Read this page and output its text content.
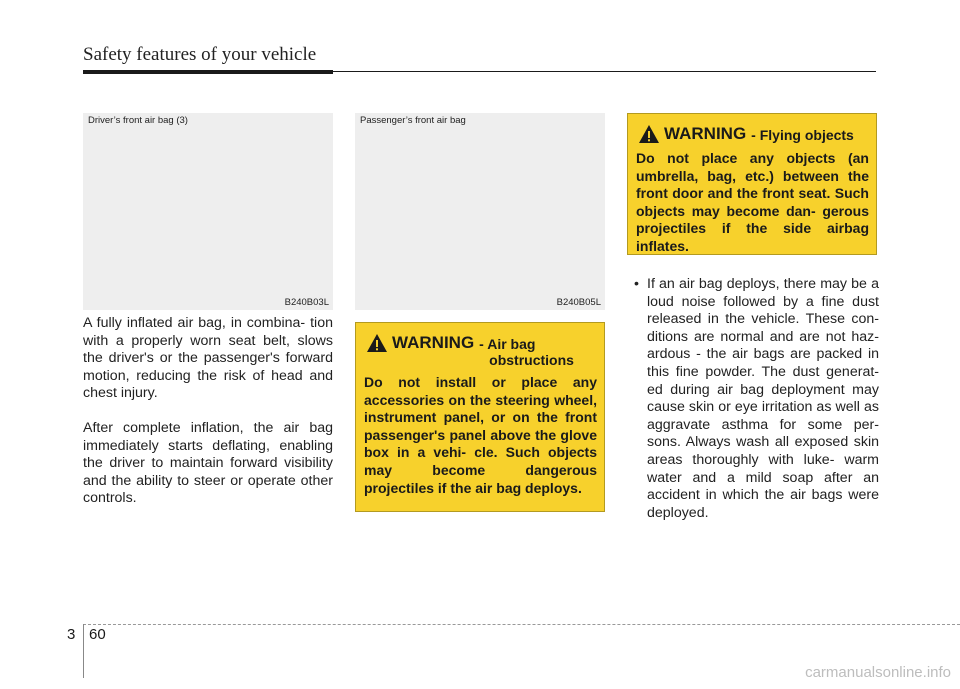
Safety features of your vehicle
Driver’s front air bag (3)
B240B03L
Passenger’s front air bag
B240B05L

A fully inflated air bag, in combina- tion with a properly worn seat belt, slows the driver's or the passenger's forward motion, reducing the risk of head and chest injury.

After complete inflation, the air bag immediately starts deflating, enabling the driver to maintain forward visibility and the ability to steer or operate other controls.

WARNING - Air bag
obstructions

Do not install or place any accessories on the steering wheel, instrument panel, or on the front passenger's panel above the glove box in a vehi- cle. Such objects may become dangerous projectiles if the air bag deploys.

WARNING - Flying objects

Do not place any objects (an umbrella, bag, etc.) between the front door and the front seat. Such objects may become dan- gerous projectiles if the side airbag inflates.

• If an air bag deploys, there may be a loud noise followed by a fine dust released in the vehicle. These con- ditions are normal and are not haz- ardous - the air bags are packed in this fine powder. The dust generat- ed during air bag deployment may cause skin or eye irritation as well as aggravate asthma for some per- sons. Always wash all exposed skin areas thoroughly with luke- warm water and a mild soap after an accident in which the air bags were deployed.
3 60
carmanualsonline.info
